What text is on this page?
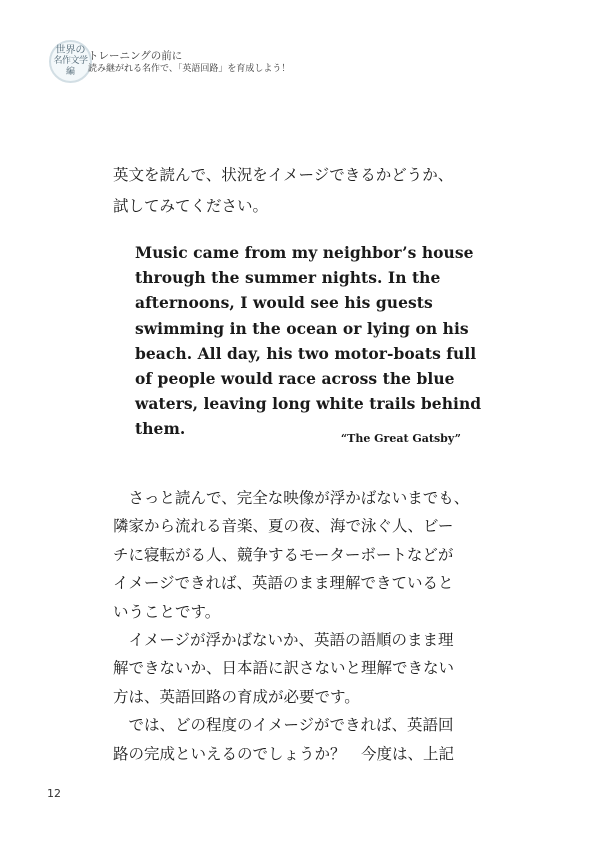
世界の
名作文学
編
トレーニングの前に
読み継がれる名作で、「英語回路」を育成しよう！

英文を読んで、状況をイメージできるかどうか、
試してみてください。

Music came from my neighbor’s house
through the summer nights. In the
afternoons, I would see his guests
swimming in the ocean or lying on his
beach. All day, his two motor-boats full
of people would race across the blue
waters, leaving long white trails behind
them.

“The Great Gatsby”

　さっと読んで、完全な映像が浮かばないまでも、
隣家から流れる音楽、夏の夜、海で泳ぐ人、ビー
チに寝転がる人、競争するモーターボートなどが
イメージできれば、英語のまま理解できていると
いうことです。
　イメージが浮かばないか、英語の語順のまま理
解できないか、日本語に訳さないと理解できない
方は、英語回路の育成が必要です。
　では、どの程度のイメージができれば、英語回
路の完成といえるのでしょうか？　今度は、上記

12
